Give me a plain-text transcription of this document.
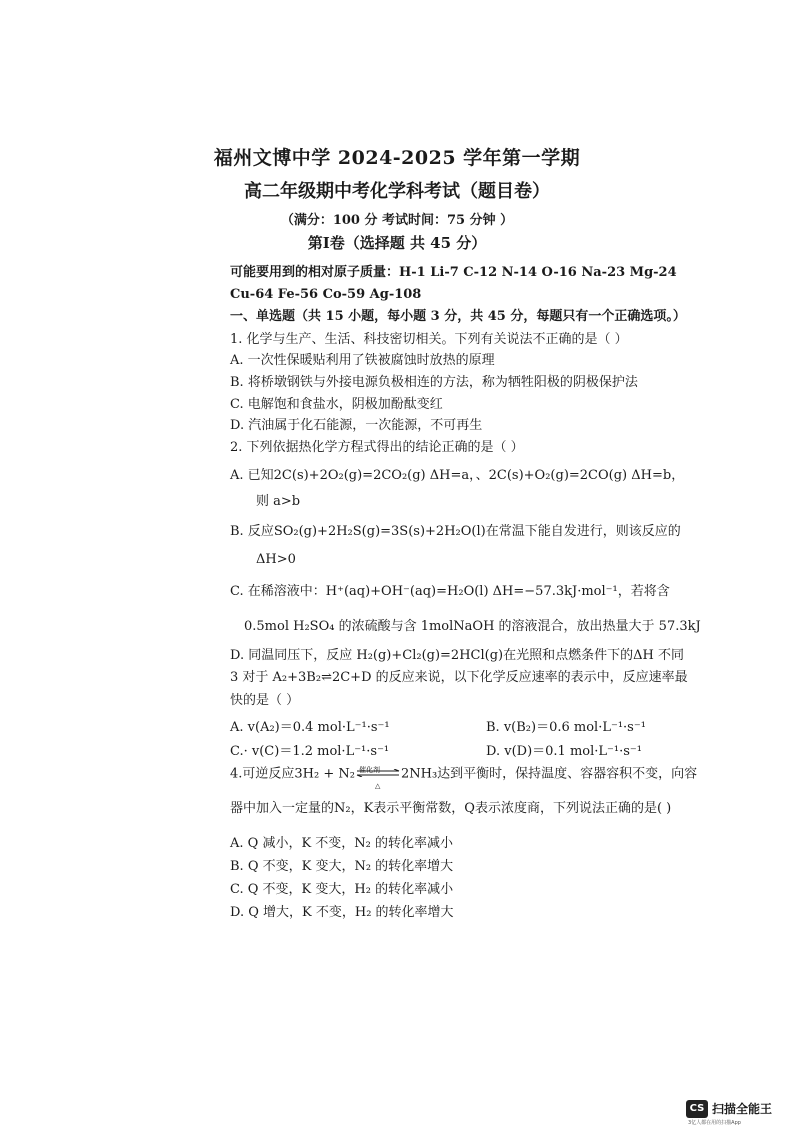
福州文博中学 2024-2025 学年第一学期
高二年级期中考化学科考试（题目卷）
（满分：100 分 考试时间：75 分钟 ）
第Ⅰ卷（选择题 共 45 分）
可能要用到的相对原子质量：H-1 Li-7 C-12 N-14 O-16 Na-23 Mg-24
Cu-64 Fe-56 Co-59 Ag-108
一、单选题（共 15 小题，每小题 3 分，共 45 分，每题只有一个正确选项。）
1. 化学与生产、生活、科技密切相关。下列有关说法不正确的是（ ）
A. 一次性保暖贴利用了铁被腐蚀时放热的原理
B. 将桥墩钢铁与外接电源负极相连的方法，称为牺牲阳极的阴极保护法
C. 电解饱和食盐水，阴极加酚酞变红
D. 汽油属于化石能源，一次能源，不可再生
2. 下列依据热化学方程式得出的结论正确的是（ ）
A. 已知2C(s)+2O₂(g)=2CO₂(g) ΔH=a，、2C(s)+O₂(g)=2CO(g) ΔH=b，
则 a>b
B. 反应SO₂(g)+2H₂S(g)=3S(s)+2H₂O(l)在常温下能自发进行，则该反应的
ΔH>0
C. 在稀溶液中：H⁺(aq)+OH⁻(aq)=H₂O(l) ΔH=−57.3kJ·mol⁻¹，若将含
0.5mol H₂SO₄ 的浓硫酸与含 1molNaOH 的溶液混合，放出热量大于 57.3kJ
D. 同温同压下，反应 H₂(g)+Cl₂(g)=2HCl(g)在光照和点燃条件下的ΔH 不同
3 对于 A₂+3B₂⇌2C+D 的反应来说，以下化学反应速率的表示中，反应速率最
快的是（ ）
A. v(A₂)＝0.4 mol·L⁻¹·s⁻¹	B. v(B₂)＝0.6 mol·L⁻¹·s⁻¹
C.· v(C)＝1.2 mol·L⁻¹·s⁻¹	D. v(D)＝0.1 mol·L⁻¹·s⁻¹
4.可逆反应3H₂ + N₂ 催化剂
△
2NH₃达到平衡时，保持温度、容器容积不变，向容
器中加入一定量的N₂，K表示平衡常数，Q表示浓度商，下列说法正确的是( )
A. Q 减小，K 不变，N₂ 的转化率减小
B. Q 不变，K 变大，N₂ 的转化率增大
C. Q 不变，K 变大，H₂ 的转化率减小
D. Q 增大，K 不变，H₂ 的转化率增大
CS 扫描全能王
3亿人都在用的扫描App
